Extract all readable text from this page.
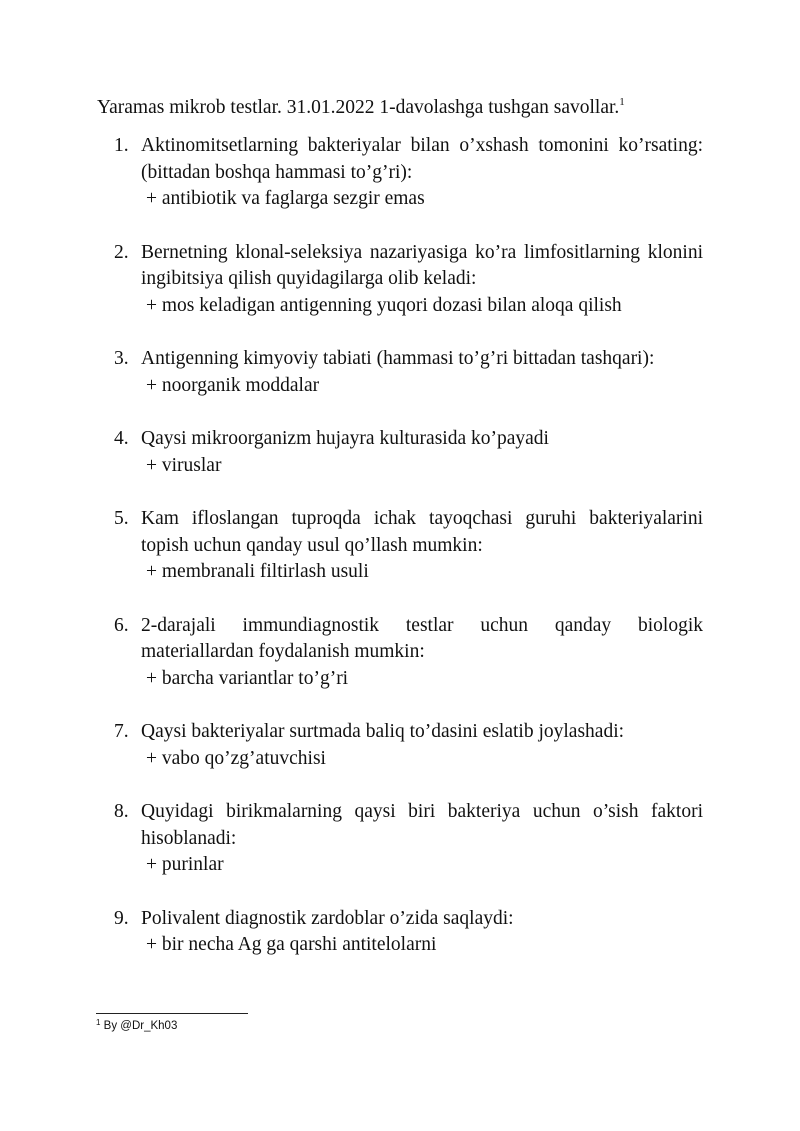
Yaramas mikrob testlar. 31.01.2022 1-davolashga tushgan savollar.$^1$
1. Aktinomitsetlarning bakteriyalar bilan o’xshash tomonini ko’rsating: (bittadan boshqa hammasi to’g’ri):
+ antibiotik va faglarga sezgir emas
2. Bernetning klonal-seleksiya nazariyasiga ko’ra limfositlarning klonini ingibitsiya qilish quyidagilarga olib keladi:
+ mos keladigan antigenning yuqori dozasi bilan aloqa qilish
3. Antigenning kimyoviy tabiati (hammasi to’g’ri bittadan tashqari):
+ noorganik moddalar
4. Qaysi mikroorganizm hujayra kulturasida ko’payadi
+ viruslar
5. Kam ifloslangan tuproqda ichak tayoqchasi guruhi bakteriyalarini topish uchun qanday usul qo’llash mumkin:
+ membranali filtirlash usuli
6. 2-darajali immundiagnostik testlar uchun qanday biologik materiallardan foydalanish mumkin:
+ barcha variantlar to’g’ri
7. Qaysi bakteriyalar surtmada baliq to’dasini eslatib joylashadi:
+ vabo qo’zg’atuvchisi
8. Quyidagi birikmalarning qaysi biri bakteriya uchun o’sish faktori hisoblanadi:
+ purinlar
9. Polivalent diagnostik zardoblar o’zida saqlaydi:
+ bir necha Ag ga qarshi antitelolarni
$^1$ By @Dr_Kh03
